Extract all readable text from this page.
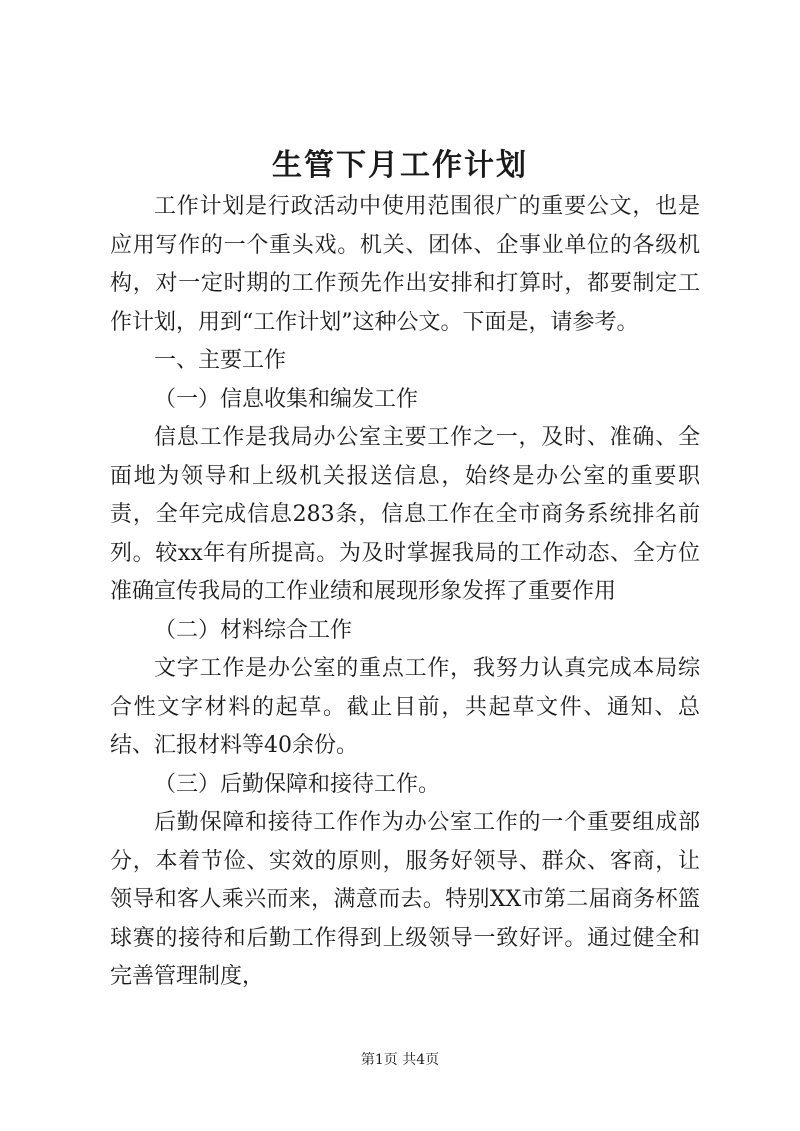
生管下月工作计划

工作计划是行政活动中使用范围很广的重要公文，也是应用写作的一个重头戏。机关、团体、企事业单位的各级机构，对一定时期的工作预先作出安排和打算时，都要制定工作计划，用到“工作计划”这种公文。下面是，请参考。

一、主要工作

（一）信息收集和编发工作

信息工作是我局办公室主要工作之一，及时、准确、全面地为领导和上级机关报送信息，始终是办公室的重要职责，全年完成信息283条，信息工作在全市商务系统排名前列。较xx年有所提高。为及时掌握我局的工作动态、全方位准确宣传我局的工作业绩和展现形象发挥了重要作用

（二）材料综合工作

文字工作是办公室的重点工作，我努力认真完成本局综合性文字材料的起草。截止目前，共起草文件、通知、总结、汇报材料等40余份。

（三）后勤保障和接待工作。

后勤保障和接待工作作为办公室工作的一个重要组成部分，本着节俭、实效的原则，服务好领导、群众、客商，让领导和客人乘兴而来，满意而去。特别XX市第二届商务杯篮球赛的接待和后勤工作得到上级领导一致好评。通过健全和完善管理制度，

第1页 共4页
